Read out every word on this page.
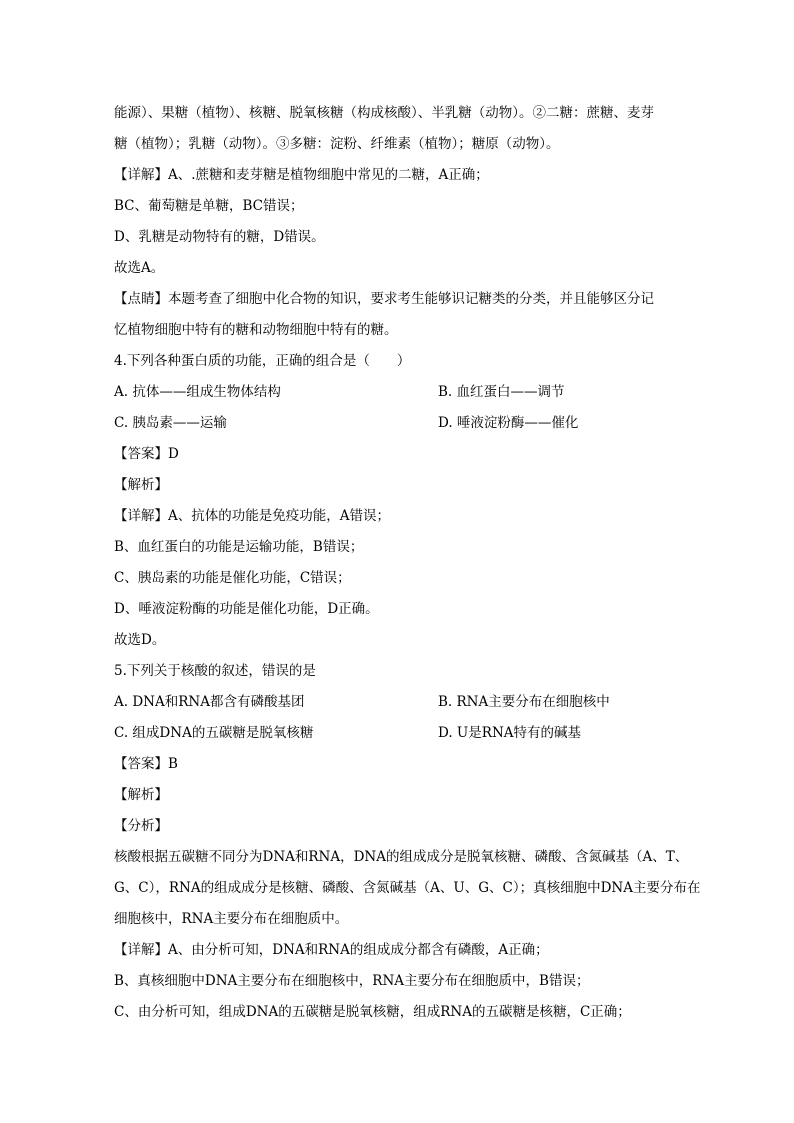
能源）、果糖（植物）、核糖、脱氧核糖（构成核酸）、半乳糖（动物）。②二糖：蔗糖、麦芽
糖（植物）；乳糖（动物）。③多糖：淀粉、纤维素（植物）；糖原（动物）。
【详解】A、.蔗糖和麦芽糖是植物细胞中常见的二糖，A正确；
BC、葡萄糖是单糖，BC错误；
D、乳糖是动物特有的糖，D错误。
故选A。
【点睛】本题考查了细胞中化合物的知识，要求考生能够识记糖类的分类，并且能够区分记
忆植物细胞中特有的糖和动物细胞中特有的糖。
4.下列各种蛋白质的功能，正确的组合是（　　）
A. 抗体——组成生物体结构	B. 血红蛋白——调节
C. 胰岛素——运输	D. 唾液淀粉酶——催化
【答案】D
【解析】
【详解】A、抗体的功能是免疫功能，A错误；
B、血红蛋白的功能是运输功能，B错误；
C、胰岛素的功能是催化功能，C错误；
D、唾液淀粉酶的功能是催化功能，D正确。
故选D。
5.下列关于核酸的叙述，错误的是
A. DNA和RNA都含有磷酸基团	B. RNA主要分布在细胞核中
C. 组成DNA的五碳糖是脱氧核糖	D. U是RNA特有的碱基
【答案】B
【解析】
【分析】
核酸根据五碳糖不同分为DNA和RNA，DNA的组成成分是脱氧核糖、磷酸、含氮碱基（A、T、
G、C），RNA的组成成分是核糖、磷酸、含氮碱基（A、U、G、C）；真核细胞中DNA主要分布在
细胞核中，RNA主要分布在细胞质中。
【详解】A、由分析可知，DNA和RNA的组成成分都含有磷酸，A正确；
B、真核细胞中DNA主要分布在细胞核中，RNA主要分布在细胞质中，B错误；
C、由分析可知，组成DNA的五碳糖是脱氧核糖，组成RNA的五碳糖是核糖，C正确；
